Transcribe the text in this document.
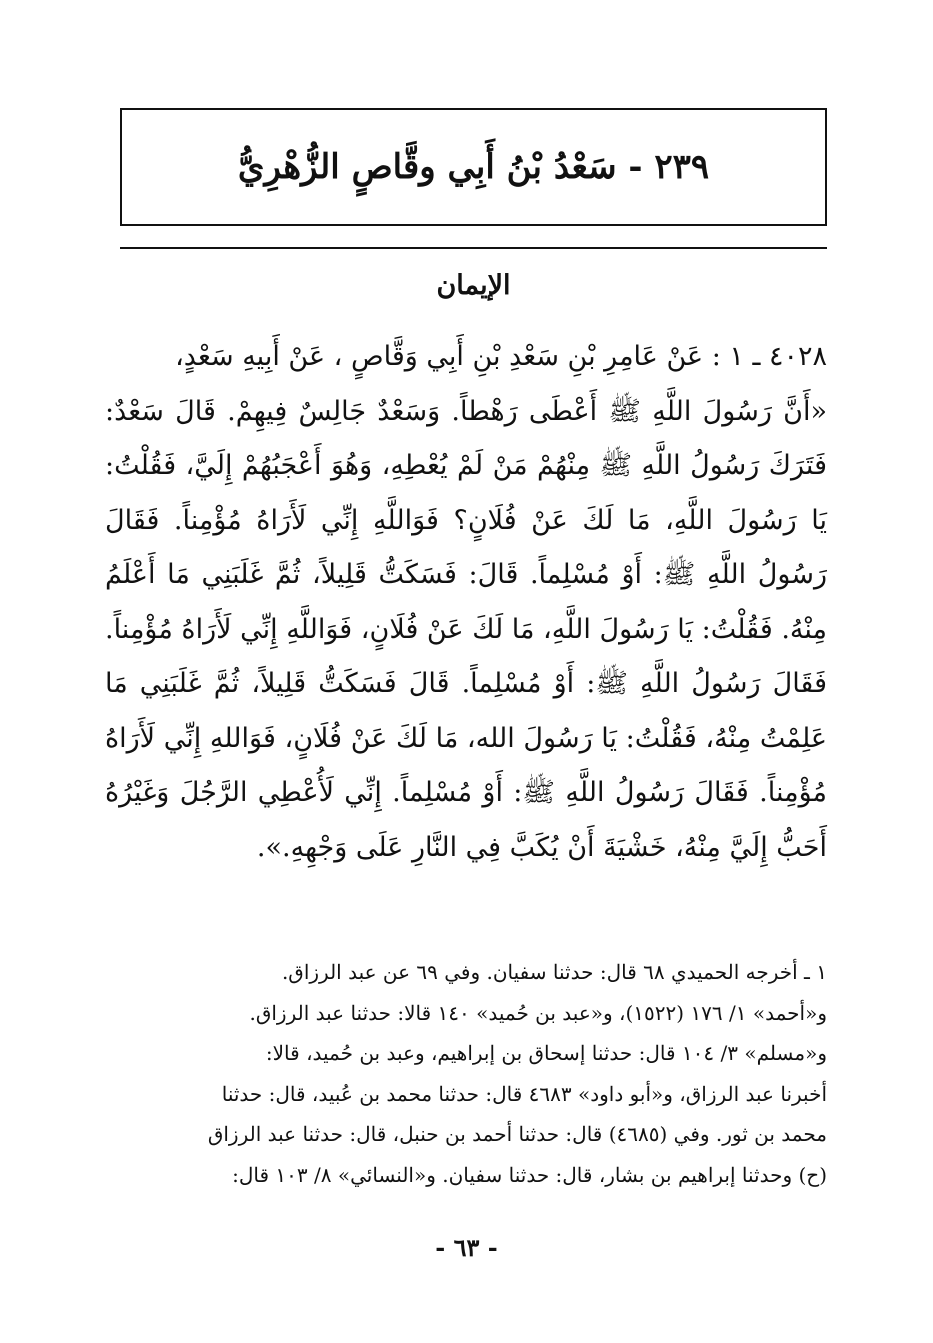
٢٣٩ - سَعْدُ بْنُ أَبِي وقَّاصٍ الزُّهْرِيُّ
الإيمان

٤٠٢٨ ـ ١ : عَنْ عَامِرِ بْنِ سَعْدِ بْنِ أَبِي وَقَّاصٍ ، عَنْ أَبِيهِ سَعْدٍ،

«أَنَّ رَسُولَ اللَّهِ ﷺ أَعْطَى رَهْطاً. وَسَعْدٌ جَالِسٌ فِيهِمْ. قَالَ سَعْدٌ: فَتَرَكَ رَسُولُ اللَّهِ ﷺ مِنْهُمْ مَنْ لَمْ يُعْطِهِ، وَهُوَ أَعْجَبُهُمْ إِلَيَّ، فَقُلْتُ: يَا رَسُولَ اللَّهِ، مَا لَكَ عَنْ فُلَانٍ؟ فَوَاللَّهِ إِنِّي لَأَرَاهُ مُؤْمِناً. فَقَالَ رَسُولُ اللَّهِ ﷺ: أَوْ مُسْلِماً. قَالَ: فَسَكَتُّ قَلِيلاً، ثُمَّ غَلَبَنِي مَا أَعْلَمُ مِنْهُ. فَقُلْتُ: يَا رَسُولَ اللَّهِ، مَا لَكَ عَنْ فُلَانٍ، فَوَاللَّهِ إِنِّي لَأَرَاهُ مُؤْمِناً. فَقَالَ رَسُولُ اللَّهِ ﷺ: أَوْ مُسْلِماً. قَالَ فَسَكَتُّ قَلِيلاً، ثُمَّ غَلَبَنِي مَا عَلِمْتُ مِنْهُ، فَقُلْتُ: يَا رَسُولَ الله، مَا لَكَ عَنْ فُلَانٍ، فَوَاللهِ إِنِّي لَأَرَاهُ مُؤْمِناً. فَقَالَ رَسُولُ اللَّهِ ﷺ: أَوْ مُسْلِماً. إِنِّي لَأُعْطِي الرَّجُلَ وَغَيْرُهُ أَحَبُّ إِلَيَّ مِنْهُ، خَشْيَةَ أَنْ يُكَبَّ فِي النَّارِ عَلَى وَجْهِهِ.».

١ ـ أخرجه الحميدي ٦٨ قال: حدثنا سفيان. وفي ٦٩ عن عبد الرزاق.

و«أحمد» ١/ ١٧٦ (١٥٢٢)، و«عبد بن حُميد» ١٤٠ قالا: حدثنا عبد الرزاق.

و«مسلم» ٣/ ١٠٤ قال: حدثنا إسحاق بن إبراهيم، وعبد بن حُميد، قالا:

أخبرنا عبد الرزاق، و«أبو داود» ٤٦٨٣ قال: حدثنا محمد بن عُبيد، قال: حدثنا

محمد بن ثور. وفي (٤٦٨٥) قال: حدثنا أحمد بن حنبل، قال: حدثنا عبد الرزاق

(ح) وحدثنا إبراهيم بن بشار، قال: حدثنا سفيان. و«النسائي» ٨/ ١٠٣ قال:

- ٦٣ -
